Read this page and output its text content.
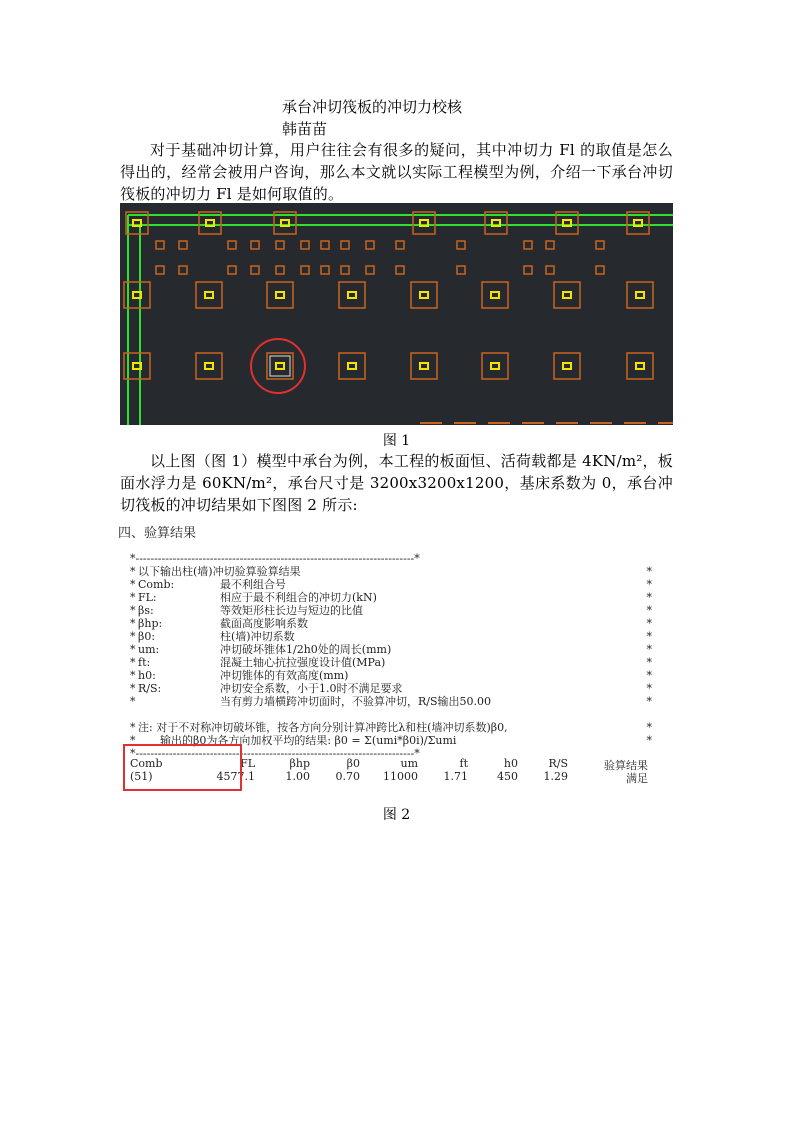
承台冲切筏板的冲切力校核
韩苗苗
对于基础冲切计算，用户往往会有很多的疑问，其中冲切力 Fl 的取值是怎么得出的，经常会被用户咨询，那么本文就以实际工程模型为例，介绍一下承台冲切筏板的冲切力 Fl 是如何取值的。
图 1
以上图（图 1）模型中承台为例，本工程的板面恒、活荷载都是 4KN/m²，板面水浮力是 60KN/m²，承台尺寸是 3200x3200x1200，基床系数为 0，承台冲切筏板的冲切结果如下图图 2 所示:
四、验算结果
*---------------------------------------------------------------------------*
* 以下输出柱(墙)冲切验算验算结果	*
* Comb:	最不利组合号	*
* FL:	相应于最不利组合的冲切力(kN)	*
* βs:	等效矩形柱长边与短边的比值	*
* βhp:	截面高度影响系数	*
* β0:	柱(墙)冲切系数	*
* um:	冲切破坏锥体1/2h0处的周长(mm)	*
* ft:	混凝土轴心抗拉强度设计值(MPa)	*
* h0:	冲切锥体的有效高度(mm)	*
* R/S:	冲切安全系数，小于1.0时不满足要求	*
*	当有剪力墙横跨冲切面时，不验算冲切，R/S输出50.00	*
* 注: 对于不对称冲切破坏锥，按各方向分别计算冲跨比λ和柱(墙冲切系数)β0,	*
* 输出的β0为各方向加权平均的结果: β0 = Σ(umi*β0i)/Σumi	*
*---------------------------------------------------------------------------*
Comb	FL	βhp	β0	um	ft	h0	R/S	验算结果
(51)	4577.1	1.00	0.70	11000	1.71	450	1.29	满足
图 2
